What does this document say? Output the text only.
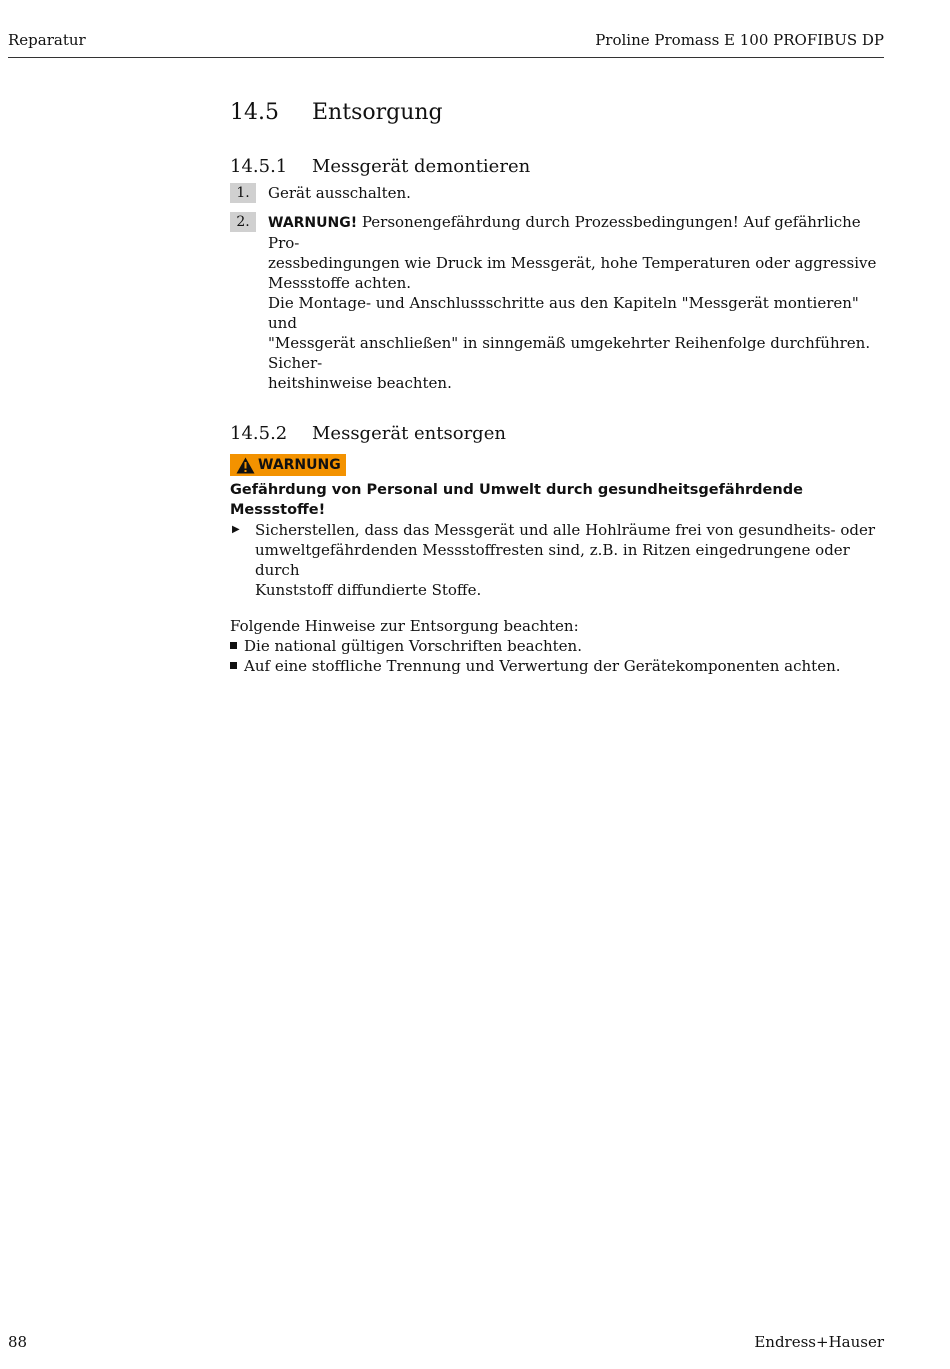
Reparatur	Proline Promass E 100 PROFIBUS DP
14.5	Entsorgung
14.5.1	Messgerät demontieren
1.	Gerät ausschalten.
2.	WARNUNG! Personengefährdung durch Prozessbedingungen! Auf gefährliche Pro-
zessbedingungen wie Druck im Messgerät, hohe Temperaturen oder aggressive
Messstoffe achten.
Die Montage- und Anschlussschritte aus den Kapiteln "Messgerät montieren" und
"Messgerät anschließen" in sinngemäß umgekehrter Reihenfolge durchführen. Sicher-
heitshinweise beachten.
14.5.2	Messgerät entsorgen
WARNUNG
Gefährdung von Personal und Umwelt durch gesundheitsgefährdende Messstoffe!
▶	Sicherstellen, dass das Messgerät und alle Hohlräume frei von gesundheits- oder
umweltgefährdenden Messstoffresten sind, z.B. in Ritzen eingedrungene oder durch
Kunststoff diffundierte Stoffe.
Folgende Hinweise zur Entsorgung beachten:
Die national gültigen Vorschriften beachten.
Auf eine stoffliche Trennung und Verwertung der Gerätekomponenten achten.
88	Endress+Hauser
